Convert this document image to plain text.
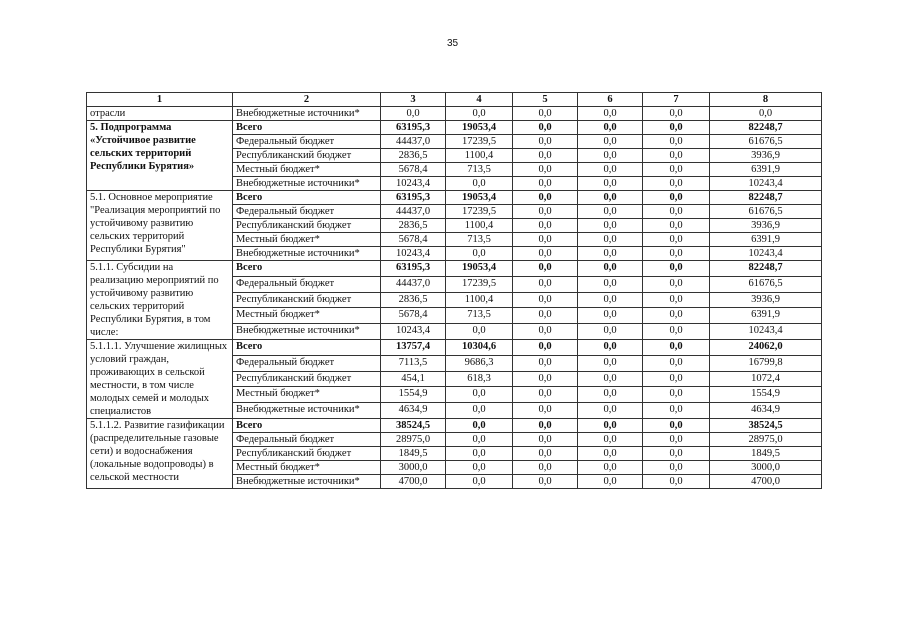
35
1	2	3	4	5	6	7	8
отрасли	Внебюджетные источники*	0,0	0,0	0,0	0,0	0,0	0,0
5. Подпрограмма «Устойчивое развитие сельских территорий Республики Бурятия»	Всего	63195,3	19053,4	0,0	0,0	0,0	82248,7
	Федеральный бюджет	44437,0	17239,5	0,0	0,0	0,0	61676,5
	Республиканский бюджет	2836,5	1100,4	0,0	0,0	0,0	3936,9
	Местный бюджет*	5678,4	713,5	0,0	0,0	0,0	6391,9
	Внебюджетные источники*	10243,4	0,0	0,0	0,0	0,0	10243,4
5.1. Основное мероприятие "Реализация мероприятий по устойчивому развитию сельских территорий Республики Бурятия"	Всего	63195,3	19053,4	0,0	0,0	0,0	82248,7
	Федеральный бюджет	44437,0	17239,5	0,0	0,0	0,0	61676,5
	Республиканский бюджет	2836,5	1100,4	0,0	0,0	0,0	3936,9
	Местный бюджет*	5678,4	713,5	0,0	0,0	0,0	6391,9
	Внебюджетные источники*	10243,4	0,0	0,0	0,0	0,0	10243,4
5.1.1. Субсидии на реализацию мероприятий по устойчивому развитию сельских территорий Республики Бурятия, в том числе:	Всего	63195,3	19053,4	0,0	0,0	0,0	82248,7
	Федеральный бюджет	44437,0	17239,5	0,0	0,0	0,0	61676,5
	Республиканский бюджет	2836,5	1100,4	0,0	0,0	0,0	3936,9
	Местный бюджет*	5678,4	713,5	0,0	0,0	0,0	6391,9
	Внебюджетные источники*	10243,4	0,0	0,0	0,0	0,0	10243,4
5.1.1.1. Улучшение жилищных условий граждан, проживающих в сельской местности, в том числе молодых семей и молодых специалистов	Всего	13757,4	10304,6	0,0	0,0	0,0	24062,0
	Федеральный бюджет	7113,5	9686,3	0,0	0,0	0,0	16799,8
	Республиканский бюджет	454,1	618,3	0,0	0,0	0,0	1072,4
	Местный бюджет*	1554,9	0,0	0,0	0,0	0,0	1554,9
	Внебюджетные источники*	4634,9	0,0	0,0	0,0	0,0	4634,9
5.1.1.2. Развитие газификации (распределительные газовые сети) и водоснабжения (локальные водопроводы) в сельской местности	Всего	38524,5	0,0	0,0	0,0	0,0	38524,5
	Федеральный бюджет	28975,0	0,0	0,0	0,0	0,0	28975,0
	Республиканский бюджет	1849,5	0,0	0,0	0,0	0,0	1849,5
	Местный бюджет*	3000,0	0,0	0,0	0,0	0,0	3000,0
	Внебюджетные источники*	4700,0	0,0	0,0	0,0	0,0	4700,0
